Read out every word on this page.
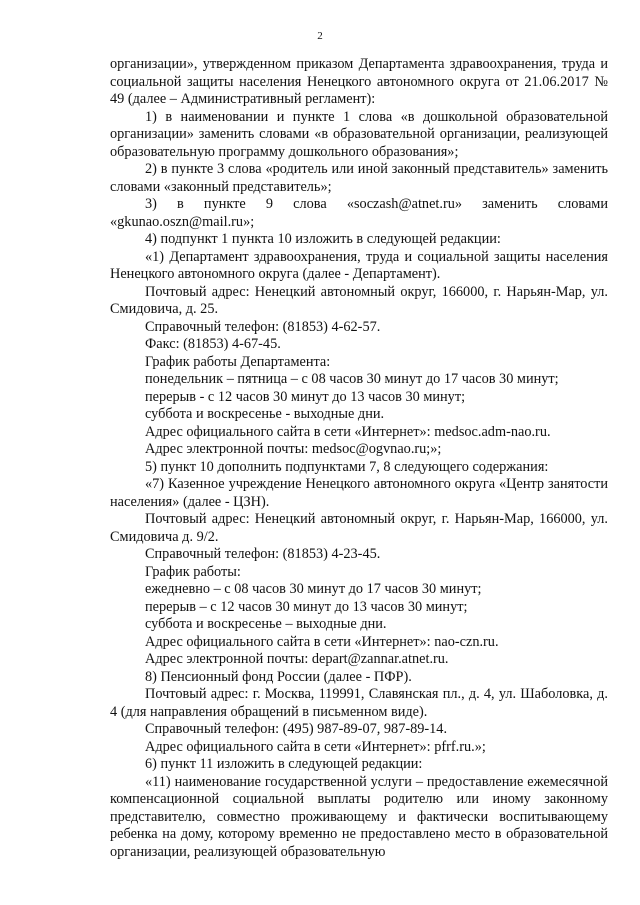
2

организации», утвержденном приказом Департамента здравоохранения, труда и социальной защиты населения Ненецкого автономного округа от 21.06.2017 № 49 (далее – Административный регламент):

1) в наименовании и пункте 1 слова «в дошкольной образовательной организации» заменить словами «в образовательной организации, реализующей образовательную программу дошкольного образования»;

2) в пункте 3 слова «родитель или иной законный представитель» заменить словами «законный представитель»;

3) в пункте 9 слова «soczash@atnet.ru» заменить словами «gkunao.oszn@mail.ru»;

4) подпункт 1 пункта 10 изложить в следующей редакции:

«1) Департамент здравоохранения, труда и социальной защиты населения Ненецкого автономного округа (далее - Департамент).

Почтовый адрес: Ненецкий автономный округ, 166000, г. Нарьян-Мар, ул. Смидовича, д. 25.

Справочный телефон: (81853) 4-62-57.

Факс: (81853) 4-67-45.

График работы Департамента:

понедельник – пятница – с 08 часов 30 минут до 17 часов 30 минут;

перерыв - с 12 часов 30 минут до 13 часов 30 минут;

суббота и воскресенье - выходные дни.

Адрес официального сайта в сети «Интернет»: medsoc.adm-nao.ru.

Адрес электронной почты: medsoc@ogvnao.ru;»;

5) пункт 10 дополнить подпунктами 7, 8 следующего содержания:

«7) Казенное учреждение Ненецкого автономного округа «Центр занятости населения» (далее - ЦЗН).

Почтовый адрес: Ненецкий автономный округ, г. Нарьян-Мар, 166000, ул. Смидовича д. 9/2.

Справочный телефон: (81853) 4-23-45.

График работы:

ежедневно – с 08 часов 30 минут до 17 часов 30 минут;

перерыв – с 12 часов 30 минут до 13 часов 30 минут;

суббота и воскресенье – выходные дни.

Адрес официального сайта в сети «Интернет»: nao-czn.ru.

Адрес электронной почты: depart@zannar.atnet.ru.

8) Пенсионный фонд России (далее - ПФР).

Почтовый адрес: г. Москва, 119991, Славянская пл., д. 4, ул. Шаболовка, д. 4 (для направления обращений в письменном виде).

Справочный телефон: (495) 987-89-07, 987-89-14.

Адрес официального сайта в сети «Интернет»: pfrf.ru.»;

6) пункт 11 изложить в следующей редакции:

«11) наименование государственной услуги – предоставление ежемесячной компенсационной социальной выплаты родителю или иному законному представителю, совместно проживающему и фактически воспитывающему ребенка на дому, которому временно не предоставлено место в образовательной организации, реализующей образовательную
